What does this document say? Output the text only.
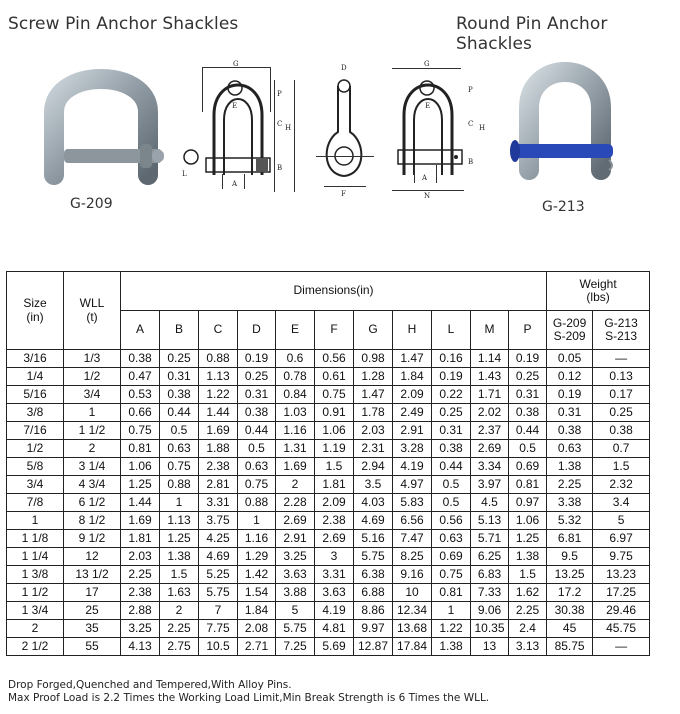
Screw Pin Anchor Shackles	Round Pin Anchor Shackles
G-209
G
E
A
P
C H
B
L
D
F
G
E
A
N
P
C H
B
G-213
Size
(in)	WLL
(t)	Dimensions(in)											Weight
(lbs)	
		A	B	C	D	E	F	G	H	L	M	P	G-209
S-209	G-213
S-213
3/16	1/3	0.38	0.25	0.88	0.19	0.6	0.56	0.98	1.47	0.16	1.14	0.19	0.05	—
1/4	1/2	0.47	0.31	1.13	0.25	0.78	0.61	1.28	1.84	0.19	1.43	0.25	0.12	0.13
5/16	3/4	0.53	0.38	1.22	0.31	0.84	0.75	1.47	2.09	0.22	1.71	0.31	0.19	0.17
3/8	1	0.66	0.44	1.44	0.38	1.03	0.91	1.78	2.49	0.25	2.02	0.38	0.31	0.25
7/16	1 1/2	0.75	0.5	1.69	0.44	1.16	1.06	2.03	2.91	0.31	2.37	0.44	0.38	0.38
1/2	2	0.81	0.63	1.88	0.5	1.31	1.19	2.31	3.28	0.38	2.69	0.5	0.63	0.7
5/8	3 1/4	1.06	0.75	2.38	0.63	1.69	1.5	2.94	4.19	0.44	3.34	0.69	1.38	1.5
3/4	4 3/4	1.25	0.88	2.81	0.75	2	1.81	3.5	4.97	0.5	3.97	0.81	2.25	2.32
7/8	6 1/2	1.44	1	3.31	0.88	2.28	2.09	4.03	5.83	0.5	4.5	0.97	3.38	3.4
1	8 1/2	1.69	1.13	3.75	1	2.69	2.38	4.69	6.56	0.56	5.13	1.06	5.32	5
1 1/8	9 1/2	1.81	1.25	4.25	1.16	2.91	2.69	5.16	7.47	0.63	5.71	1.25	6.81	6.97
1 1/4	12	2.03	1.38	4.69	1.29	3.25	3	5.75	8.25	0.69	6.25	1.38	9.5	9.75
1 3/8	13 1/2	2.25	1.5	5.25	1.42	3.63	3.31	6.38	9.16	0.75	6.83	1.5	13.25	13.23
1 1/2	17	2.38	1.63	5.75	1.54	3.88	3.63	6.88	10	0.81	7.33	1.62	17.2	17.25
1 3/4	25	2.88	2	7	1.84	5	4.19	8.86	12.34	1	9.06	2.25	30.38	29.46
2	35	3.25	2.25	7.75	2.08	5.75	4.81	9.97	13.68	1.22	10.35	2.4	45	45.75
2 1/2	55	4.13	2.75	10.5	2.71	7.25	5.69	12.87	17.84	1.38	13	3.13	85.75	—
Drop Forged,Quenched and Tempered,With Alloy Pins.
Max Proof Load is 2.2 Times the Working Load Limit,Min Break Strength is 6 Times the WLL.
